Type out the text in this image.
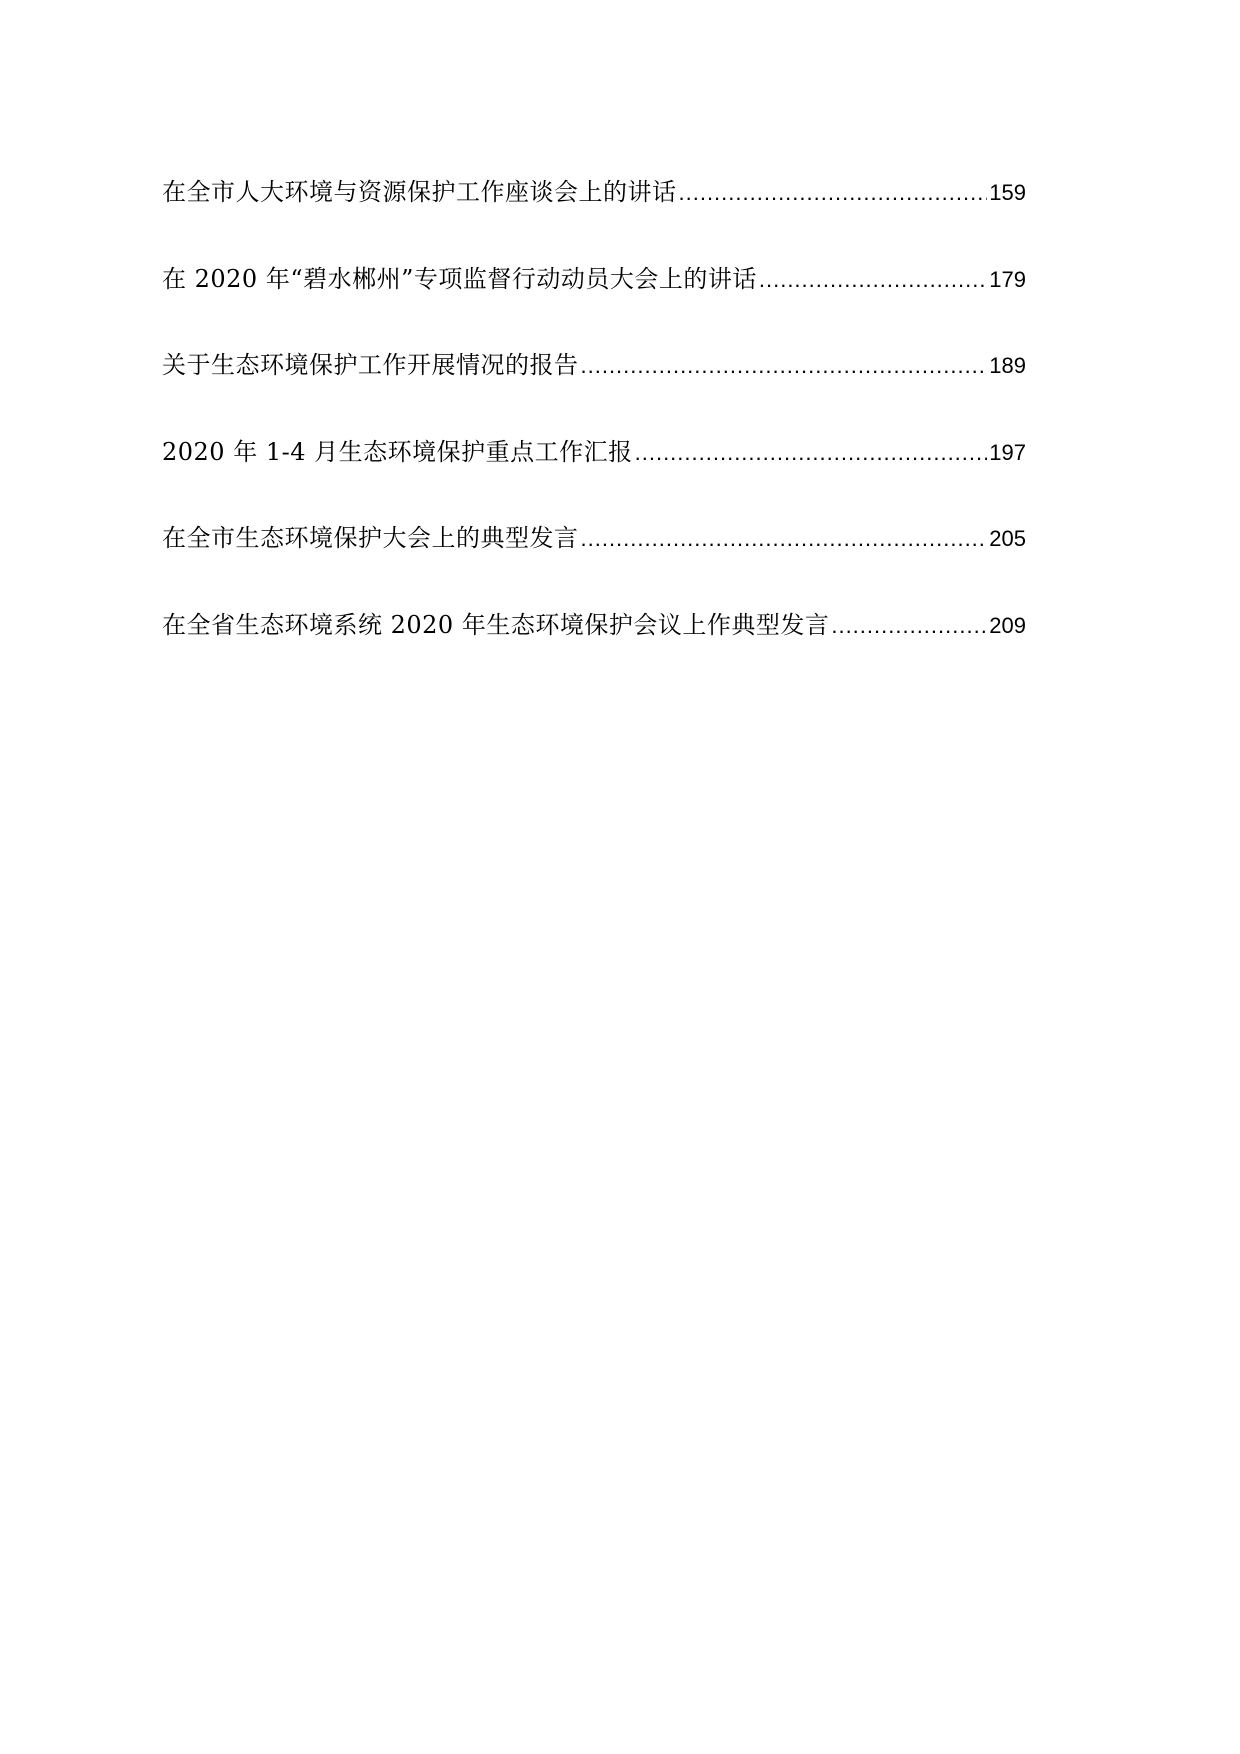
在全市人大环境与资源保护工作座谈会上的讲话 .....	159
在 2020 年“碧水郴州”专项监督行动动员大会上的讲话 .....	179
关于生态环境保护工作开展情况的报告 .....	189
2020 年 1-4 月生态环境保护重点工作汇报 .....	197
在全市生态环境保护大会上的典型发言 .....	205
在全省生态环境系统 2020 年生态环境保护会议上作典型发言 .....	209
